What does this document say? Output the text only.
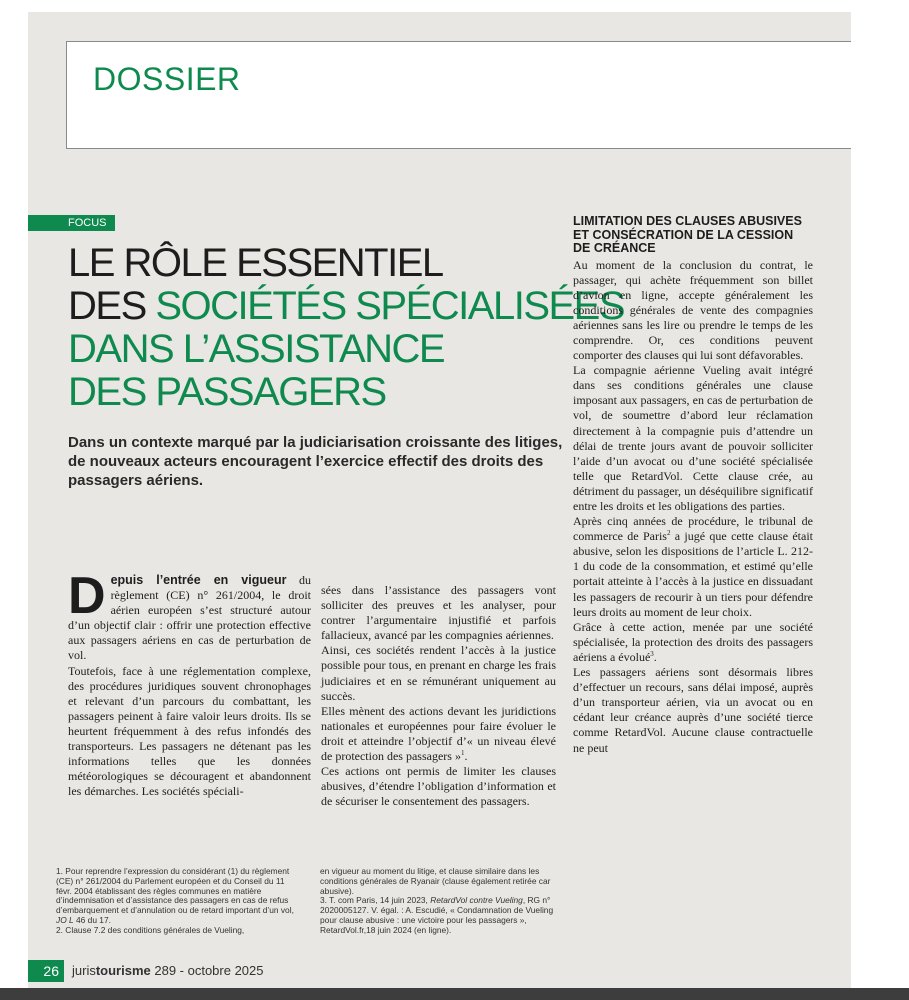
DOSSIER
FOCUS
LE RÔLE ESSENTIEL
DES SOCIÉTÉS SPÉCIALISÉES
DANS L’ASSISTANCE
DES PASSAGERS
Dans un contexte marqué par la judiciarisation croissante des litiges, de nouveaux acteurs encouragent l’exercice effectif des droits des passagers aériens.

Depuis l’entrée en vigueur du règlement (CE) n° 261/2004, le droit aérien européen s’est structuré autour d’un objectif clair : offrir une protection effective aux passagers aériens en cas de perturbation de vol.

Toutefois, face à une réglementation complexe, des procédures juridiques souvent chronophages et relevant d’un parcours du combattant, les passagers peinent à faire valoir leurs droits. Ils se heurtent fréquemment à des refus infondés des transporteurs. Les passagers ne détenant pas les informations telles que les données météorologiques se découragent et abandonnent les démarches. Les sociétés spéciali-

sées dans l’assistance des passagers vont solliciter des preuves et les analyser, pour contrer l’argumentaire injustifié et parfois fallacieux, avancé par les compagnies aériennes.

Ainsi, ces sociétés rendent l’accès à la justice possible pour tous, en prenant en charge les frais judiciaires et en se rémunérant uniquement au succès.

Elles mènent des actions devant les juridictions nationales et européennes pour faire évoluer le droit et atteindre l’objectif d’« un niveau élevé de protection des passagers »$^1$.

Ces actions ont permis de limiter les clauses abusives, d’étendre l’obligation d’information et de sécuriser le consentement des passagers.

LIMITATION DES CLAUSES ABUSIVES ET CONSÉCRATION DE LA CESSION DE CRÉANCE

Au moment de la conclusion du contrat, le passager, qui achète fréquemment son billet d’avion en ligne, accepte généralement les conditions générales de vente des compagnies aériennes sans les lire ou prendre le temps de les comprendre. Or, ces conditions peuvent comporter des clauses qui lui sont défavorables.

La compagnie aérienne Vueling avait intégré dans ses conditions générales une clause imposant aux passagers, en cas de perturbation de vol, de soumettre d’abord leur réclamation directement à la compagnie puis d’attendre un délai de trente jours avant de pouvoir solliciter l’aide d’un avocat ou d’une société spécialisée telle que RetardVol. Cette clause crée, au détriment du passager, un déséquilibre significatif entre les droits et les obligations des parties.

Après cinq années de procédure, le tribunal de commerce de Paris$^2$ a jugé que cette clause était abusive, selon les dispositions de l’article L. 212-1 du code de la consommation, et estimé qu’elle portait atteinte à l’accès à la justice en dissuadant les passagers de recourir à un tiers pour défendre leurs droits au moment de leur choix.

Grâce à cette action, menée par une société spécialisée, la protection des droits des passagers aériens a évolué$^3$.

Les passagers aériens sont désormais libres d’effectuer un recours, sans délai imposé, auprès d’un transporteur aérien, via un avocat ou en cédant leur créance auprès d’une société tierce comme RetardVol. Aucune clause contractuelle ne peut

1. Pour reprendre l’expression du considérant (1) du règlement (CE) n° 261/2004 du Parlement européen et du Conseil du 11 févr. 2004 établissant des règles communes en matière d’indemnisation et d’assistance des passagers en cas de refus d’embarquement et d’annulation ou de retard important d’un vol, JO L 46 du 17.

2. Clause 7.2 des conditions générales de Vueling,

en vigueur au moment du litige, et clause similaire dans les conditions générales de Ryanair (clause également retirée car abusive).

3. T. com Paris, 14 juin 2023, RetardVol contre Vueling, RG n° 2020005127. V. égal. : A. Escudié, « Condamnation de Vueling pour clause abusive : une victoire pour les passagers », RetardVol.fr,18 juin 2024 (en ligne).

26	juristourisme 289 - octobre 2025
